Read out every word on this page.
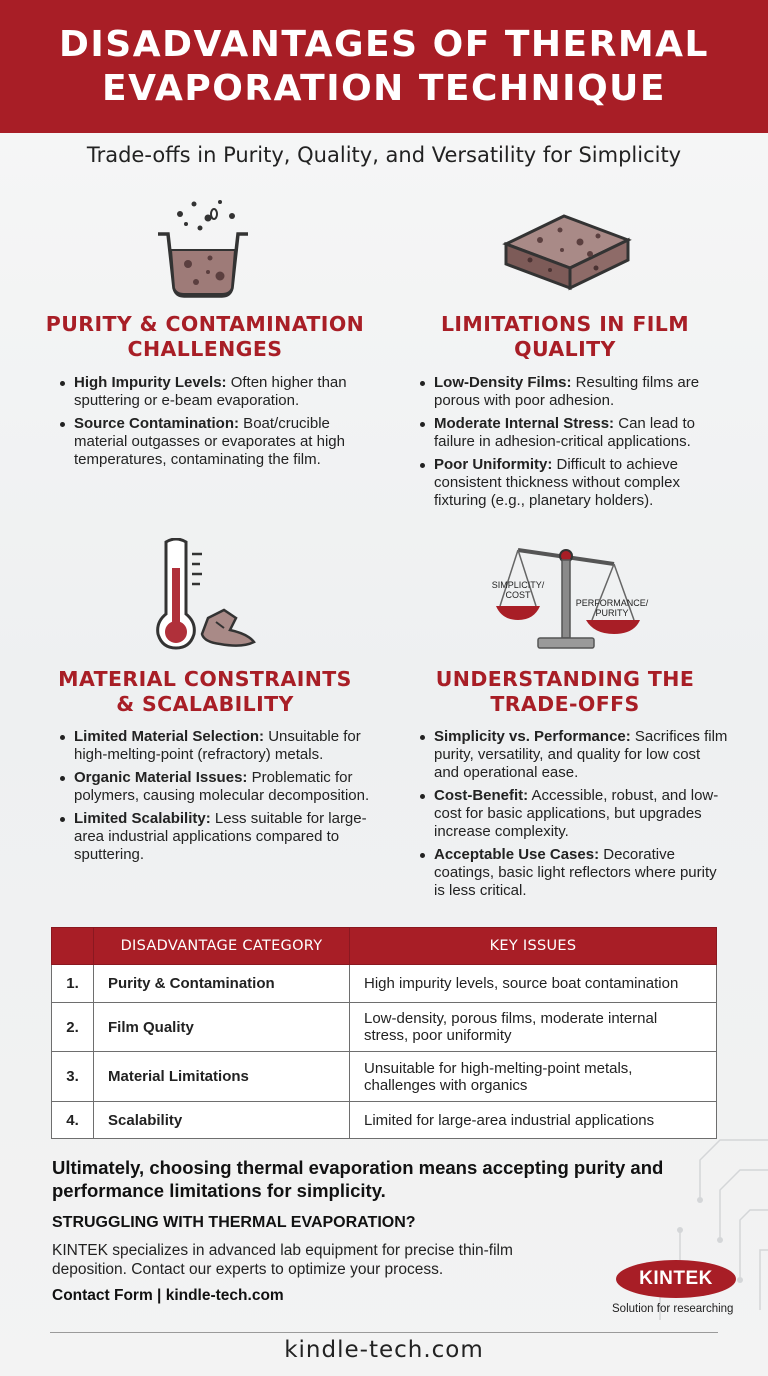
DISADVANTAGES OF THERMAL
EVAPORATION TECHNIQUE
Trade-offs in Purity, Quality, and Versatility for Simplicity
PURITY & CONTAMINATION
CHALLENGES
LIMITATIONS IN FILM
QUALITY
High Impurity Levels: Often higher than sputtering or e-beam evaporation.
Source Contamination: Boat/crucible material outgasses or evaporates at high temperatures, contaminating the film.
Low-Density Films: Resulting films are porous with poor adhesion.
Moderate Internal Stress: Can lead to failure in adhesion-critical applications.
Poor Uniformity: Difficult to achieve consistent thickness without complex fixturing (e.g., planetary holders).
SIMPLICITY/
COST
PERFORMANCE/
PURITY
MATERIAL CONSTRAINTS
& SCALABILITY
UNDERSTANDING THE
TRADE-OFFS
Limited Material Selection: Unsuitable for high-melting-point (refractory) metals.
Organic Material Issues: Problematic for polymers, causing molecular decomposition.
Limited Scalability: Less suitable for large-area industrial applications compared to sputtering.
Simplicity vs. Performance: Sacrifices film purity, versatility, and quality for low cost and operational ease.
Cost-Benefit: Accessible, robust, and low-cost for basic applications, but upgrades increase complexity.
Acceptable Use Cases: Decorative coatings, basic light reflectors where purity is less critical.
	DISADVANTAGE CATEGORY	KEY ISSUES
1.	Purity & Contamination	High impurity levels, source boat contamination
2.	Film Quality	Low-density, porous films, moderate internal stress, poor uniformity
3.	Material Limitations	Unsuitable for high-melting-point metals, challenges with organics
4.	Scalability	Limited for large-area industrial applications
Ultimately, choosing thermal evaporation means accepting purity and performance limitations for simplicity.
STRUGGLING WITH THERMAL EVAPORATION?
KINTEK specializes in advanced lab equipment for precise thin-film deposition. Contact our experts to optimize your process.
Contact Form | kindle-tech.com
KINTEK
Solution for researching
kindle-tech.com
